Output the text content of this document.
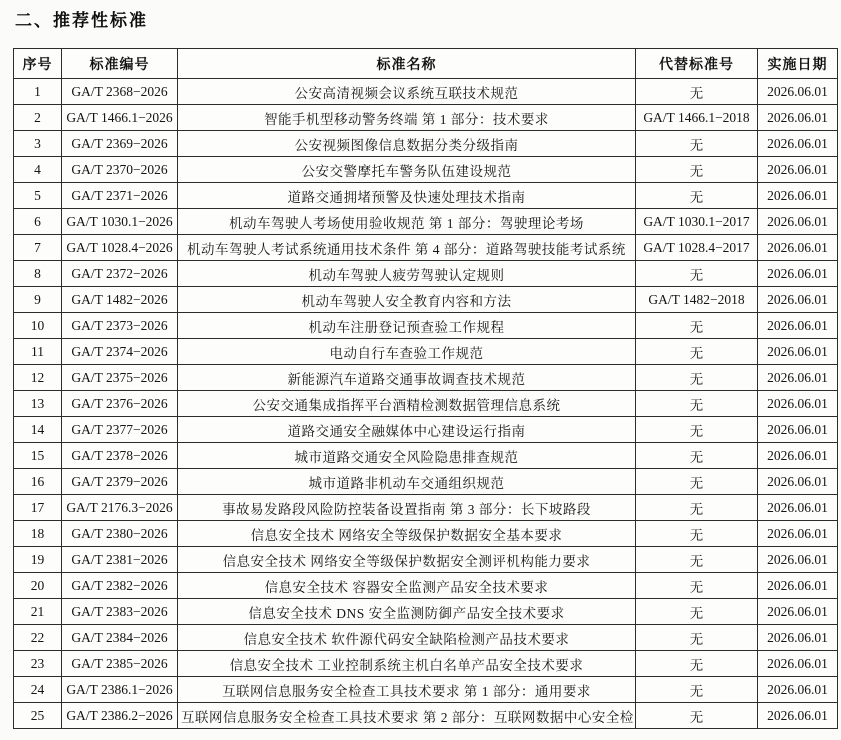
二、推荐性标准
序号	标准编号	标准名称	代替标准号	实施日期
1	GA/T 2368−2026	公安高清视频会议系统互联技术规范	无	2026.06.01
2	GA/T 1466.1−2026	智能手机型移动警务终端 第 1 部分：技术要求	GA/T 1466.1−2018	2026.06.01
3	GA/T 2369−2026	公安视频图像信息数据分类分级指南	无	2026.06.01
4	GA/T 2370−2026	公安交警摩托车警务队伍建设规范	无	2026.06.01
5	GA/T 2371−2026	道路交通拥堵预警及快速处理技术指南	无	2026.06.01
6	GA/T 1030.1−2026	机动车驾驶人考场使用验收规范 第 1 部分：驾驶理论考场	GA/T 1030.1−2017	2026.06.01
7	GA/T 1028.4−2026	机动车驾驶人考试系统通用技术条件 第 4 部分：道路驾驶技能考试系统	GA/T 1028.4−2017	2026.06.01
8	GA/T 2372−2026	机动车驾驶人疲劳驾驶认定规则	无	2026.06.01
9	GA/T 1482−2026	机动车驾驶人安全教育内容和方法	GA/T 1482−2018	2026.06.01
10	GA/T 2373−2026	机动车注册登记预查验工作规程	无	2026.06.01
11	GA/T 2374−2026	电动自行车查验工作规范	无	2026.06.01
12	GA/T 2375−2026	新能源汽车道路交通事故调查技术规范	无	2026.06.01
13	GA/T 2376−2026	公安交通集成指挥平台酒精检测数据管理信息系统	无	2026.06.01
14	GA/T 2377−2026	道路交通安全融媒体中心建设运行指南	无	2026.06.01
15	GA/T 2378−2026	城市道路交通安全风险隐患排查规范	无	2026.06.01
16	GA/T 2379−2026	城市道路非机动车交通组织规范	无	2026.06.01
17	GA/T 2176.3−2026	事故易发路段风险防控装备设置指南 第 3 部分：长下坡路段	无	2026.06.01
18	GA/T 2380−2026	信息安全技术 网络安全等级保护数据安全基本要求	无	2026.06.01
19	GA/T 2381−2026	信息安全技术 网络安全等级保护数据安全测评机构能力要求	无	2026.06.01
20	GA/T 2382−2026	信息安全技术 容器安全监测产品安全技术要求	无	2026.06.01
21	GA/T 2383−2026	信息安全技术 DNS 安全监测防御产品安全技术要求	无	2026.06.01
22	GA/T 2384−2026	信息安全技术 软件源代码安全缺陷检测产品技术要求	无	2026.06.01
23	GA/T 2385−2026	信息安全技术 工业控制系统主机白名单产品安全技术要求	无	2026.06.01
24	GA/T 2386.1−2026	互联网信息服务安全检查工具技术要求 第 1 部分：通用要求	无	2026.06.01
25	GA/T 2386.2−2026	互联网信息服务安全检查工具技术要求 第 2 部分：互联网数据中心安全检	无	2026.06.01
